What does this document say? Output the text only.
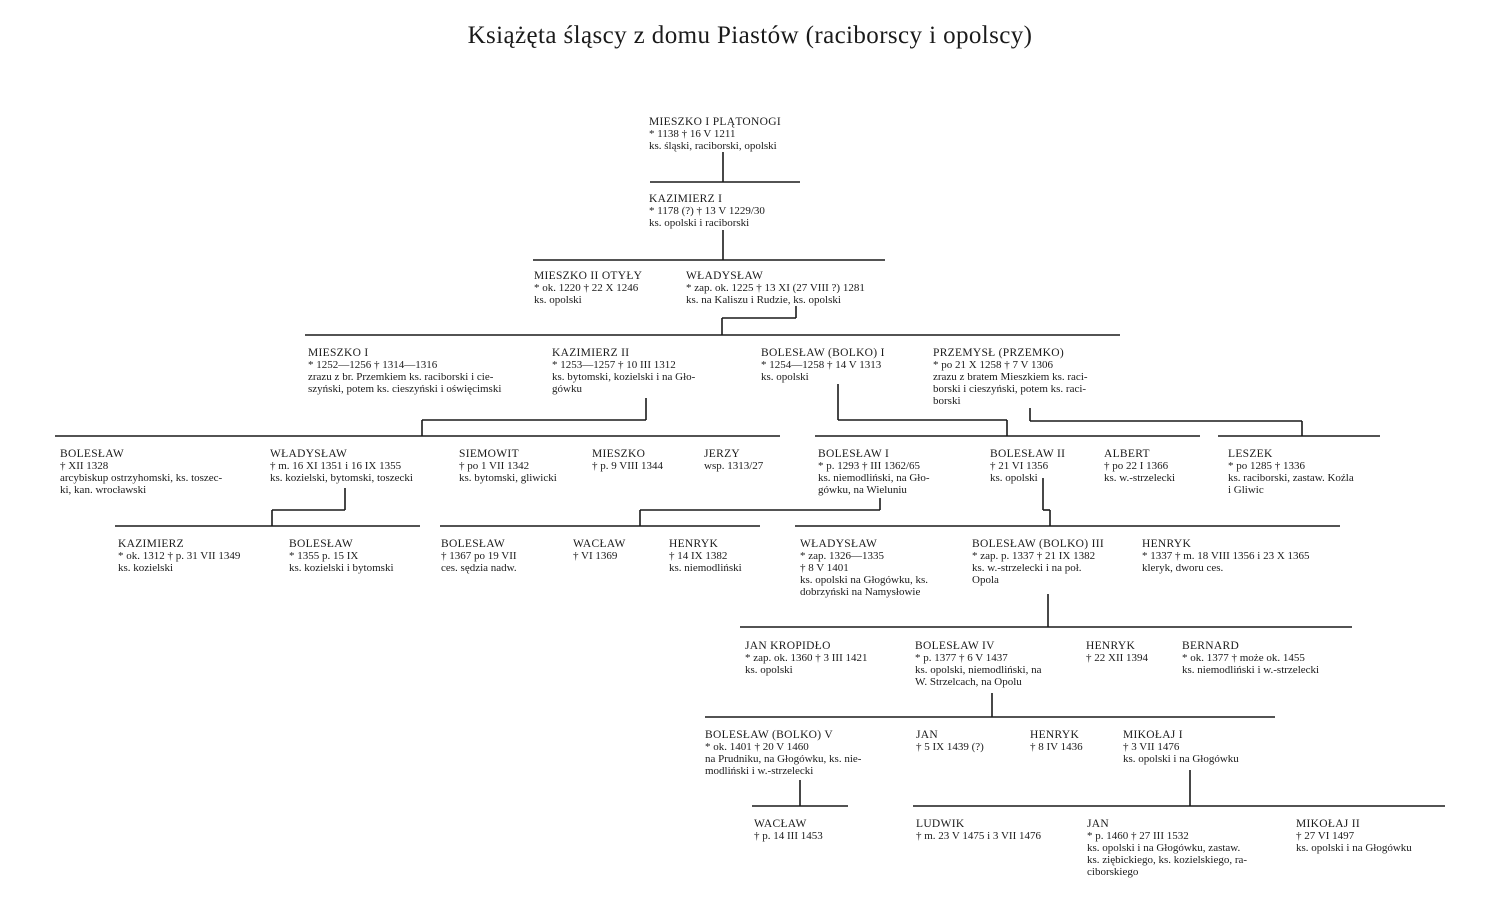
Książęta śląscy z domu Piastów (raciborscy i opolscy)
MIESZKO I PLĄTONOGI
* 1138 † 16 V 1211
ks. śląski, raciborski, opolski
KAZIMIERZ I
* 1178 (?) † 13 V 1229/30
ks. opolski i raciborski
MIESZKO II OTYŁY
* ok. 1220 † 22 X 1246
ks. opolski
WŁADYSŁAW
* zap. ok. 1225 † 13 XI (27 VIII ?) 1281
ks. na Kaliszu i Rudzie, ks. opolski
MIESZKO I
* 1252—1256 † 1314—1316
zrazu z br. Przemkiem ks. raciborski i cie-
szyński, potem ks. cieszyński i oświęcimski
KAZIMIERZ II
* 1253—1257 † 10 III 1312
ks. bytomski, kozielski i na Gło-
gówku
BOLESŁAW (BOLKO) I
* 1254—1258 † 14 V 1313
ks. opolski
PRZEMYSŁ (PRZEMKO)
* po 21 X 1258 † 7 V 1306
zrazu z bratem Mieszkiem ks. raci-
borski i cieszyński, potem ks. raci-
borski
BOLESŁAW
† XII 1328
arcybiskup ostrzyhomski, ks. toszec-
ki, kan. wrocławski
WŁADYSŁAW
† m. 16 XI 1351 i 16 IX 1355
ks. kozielski, bytomski, toszecki
SIEMOWIT
† po 1 VII 1342
ks. bytomski, gliwicki
MIESZKO
† p. 9 VIII 1344
JERZY
wsp. 1313/27
BOLESŁAW I
* p. 1293 † III 1362/65
ks. niemodliński, na Gło-
gówku, na Wieluniu
BOLESŁAW II
† 21 VI 1356
ks. opolski
ALBERT
† po 22 I 1366
ks. w.-strzelecki
LESZEK
* po 1285 † 1336
ks. raciborski, zastaw. Koźla
i Gliwic
KAZIMIERZ
* ok. 1312 † p. 31 VII 1349
ks. kozielski
BOLESŁAW
* 1355 p. 15 IX
ks. kozielski i bytomski
BOLESŁAW
† 1367 po 19 VII
ces. sędzia nadw.
WACŁAW
† VI 1369
HENRYK
† 14 IX 1382
ks. niemodliński
WŁADYSŁAW
* zap. 1326—1335
† 8 V 1401
ks. opolski na Głogówku, ks.
dobrzyński na Namysłowie
BOLESŁAW (BOLKO) III
* zap. p. 1337 † 21 IX 1382
ks. w.-strzelecki i na poł.
Opola
HENRYK
* 1337 † m. 18 VIII 1356 i 23 X 1365
kleryk, dworu ces.
JAN KROPIDŁO
* zap. ok. 1360 † 3 III 1421
ks. opolski
BOLESŁAW IV
* p. 1377 † 6 V 1437
ks. opolski, niemodliński, na
W. Strzelcach, na Opolu
HENRYK
† 22 XII 1394
BERNARD
* ok. 1377 † może ok. 1455
ks. niemodliński i w.-strzelecki
BOLESŁAW (BOLKO) V
* ok. 1401 † 20 V 1460
na Prudniku, na Głogówku, ks. nie-
modliński i w.-strzelecki
JAN
† 5 IX 1439 (?)
HENRYK
† 8 IV 1436
MIKOŁAJ I
† 3 VII 1476
ks. opolski i na Głogówku
WACŁAW
† p. 14 III 1453
LUDWIK
† m. 23 V 1475 i 3 VII 1476
JAN
* p. 1460 † 27 III 1532
ks. opolski i na Głogówku, zastaw.
ks. ziębickiego, ks. kozielskiego, ra-
ciborskiego
MIKOŁAJ II
† 27 VI 1497
ks. opolski i na Głogówku
